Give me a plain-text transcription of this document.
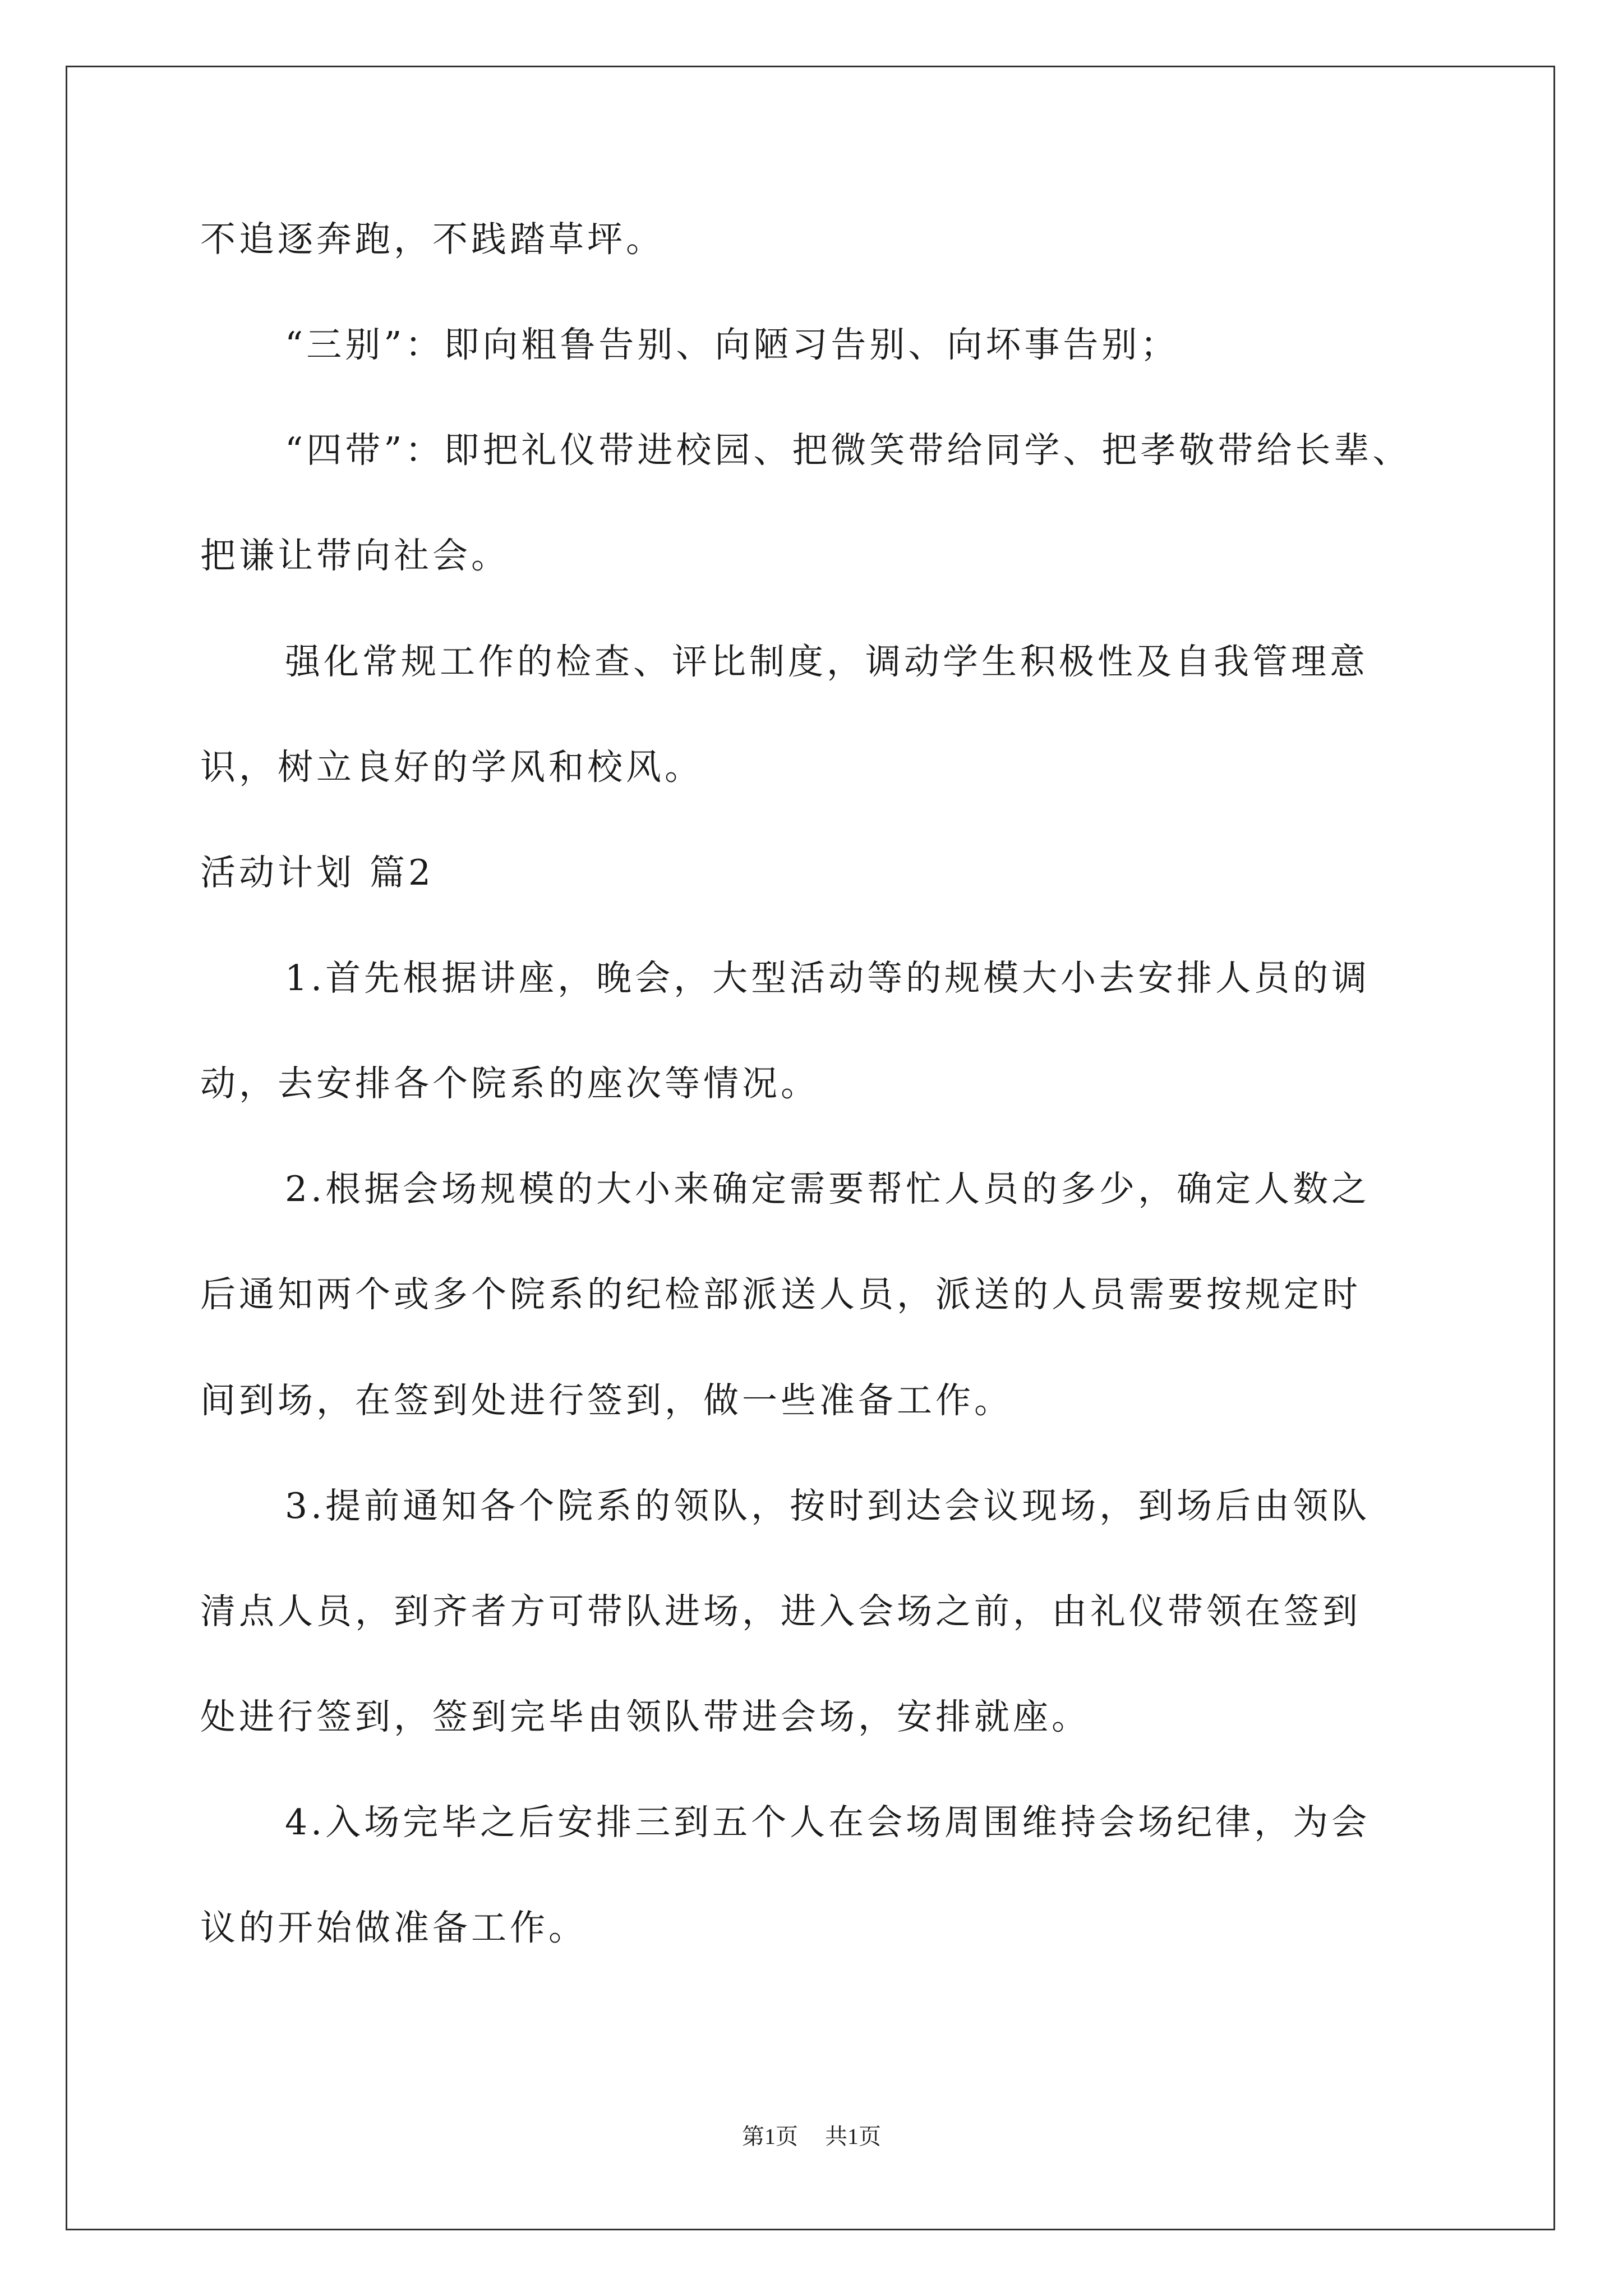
不追逐奔跑，不践踏草坪。
“三别”：即向粗鲁告别、向陋习告别、向坏事告别；
“四带”：即把礼仪带进校园、把微笑带给同学、把孝敬带给长辈、
把谦让带向社会。
强化常规工作的检查、评比制度，调动学生积极性及自我管理意
识，树立良好的学风和校风。
活动计划 篇2
1.首先根据讲座，晚会，大型活动等的规模大小去安排人员的调
动，去安排各个院系的座次等情况。
2.根据会场规模的大小来确定需要帮忙人员的多少，确定人数之
后通知两个或多个院系的纪检部派送人员，派送的人员需要按规定时
间到场，在签到处进行签到，做一些准备工作。
3.提前通知各个院系的领队，按时到达会议现场，到场后由领队
清点人员，到齐者方可带队进场，进入会场之前，由礼仪带领在签到
处进行签到，签到完毕由领队带进会场，安排就座。
4.入场完毕之后安排三到五个人在会场周围维持会场纪律，为会
议的开始做准备工作。
第1页 共1页
